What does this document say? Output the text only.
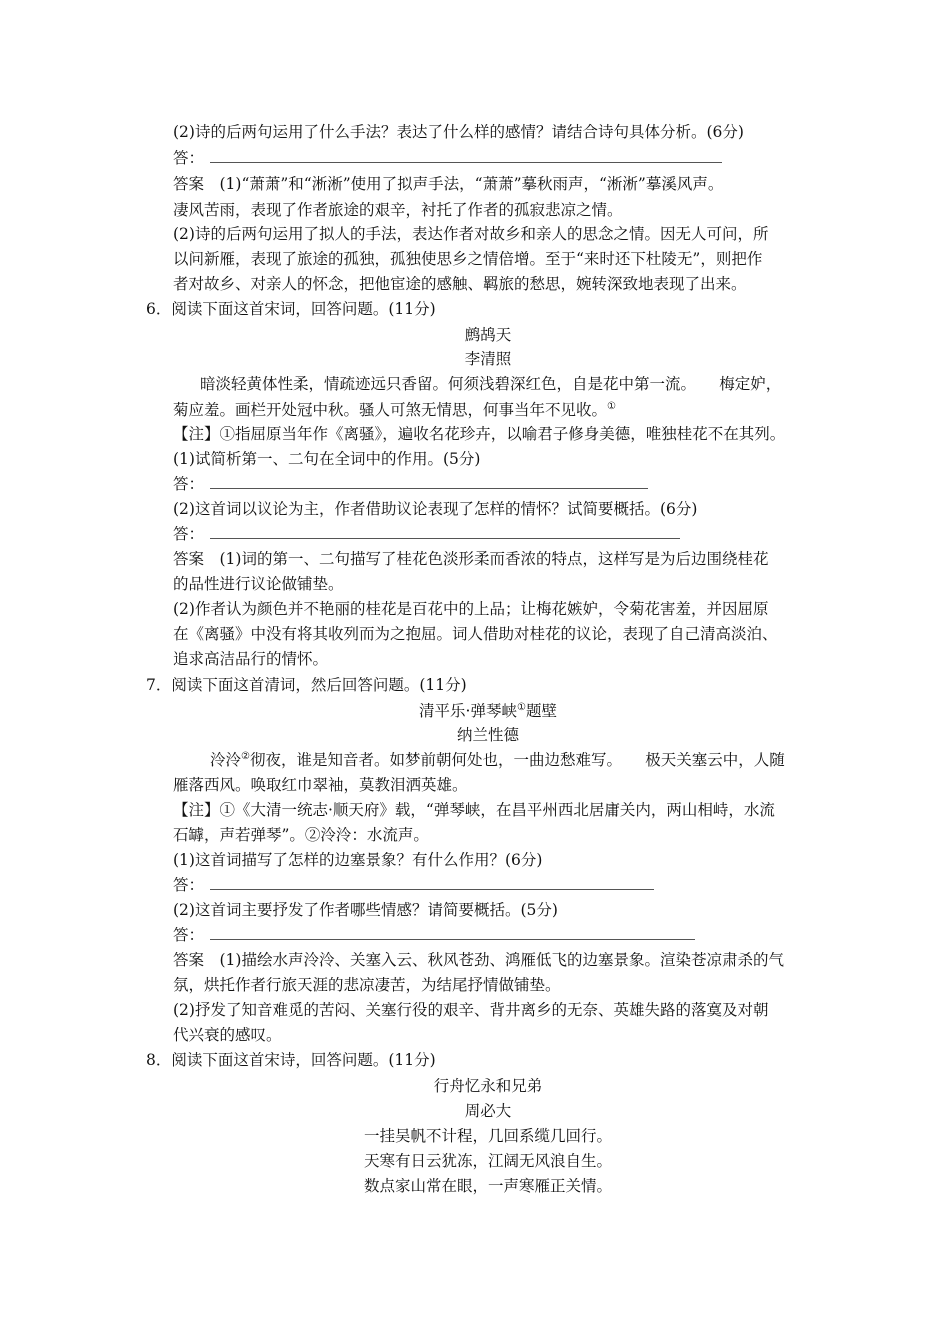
(2)诗的后两句运用了什么手法？表达了什么样的感情？请结合诗句具体分析。(6分)
答：
答案　(1)“萧萧”和“淅淅”使用了拟声手法，“萧萧”摹秋雨声，“淅淅”摹溪风声。
凄风苦雨，表现了作者旅途的艰辛，衬托了作者的孤寂悲凉之情。
(2)诗的后两句运用了拟人的手法，表达作者对故乡和亲人的思念之情。因无人可问，所
以问新雁，表现了旅途的孤独，孤独使思乡之情倍增。至于“来时还下杜陵无”，则把作
者对故乡、对亲人的怀念，把他宦途的感触、羁旅的愁思，婉转深致地表现了出来。
6．阅读下面这首宋词，回答问题。(11分)
鹧鸪天
李清照
暗淡轻黄体性柔，情疏迹远只香留。何须浅碧深红色，自是花中第一流。　　梅定妒，
菊应羞。画栏开处冠中秋。骚人可煞无情思，何事当年不见收。①
【注】①指屈原当年作《离骚》，遍收名花珍卉，以喻君子修身美德，唯独桂花不在其列。
(1)试简析第一、二句在全词中的作用。(5分)
答：
(2)这首词以议论为主，作者借助议论表现了怎样的情怀？试简要概括。(6分)
答：
答案　(1)词的第一、二句描写了桂花色淡形柔而香浓的特点，这样写是为后边围绕桂花
的品性进行议论做铺垫。
(2)作者认为颜色并不艳丽的桂花是百花中的上品；让梅花嫉妒，令菊花害羞，并因屈原
在《离骚》中没有将其收列而为之抱屈。词人借助对桂花的议论，表现了自己清高淡泊、
追求高洁品行的情怀。
7．阅读下面这首清词，然后回答问题。(11分)
清平乐·弹琴峡①题壁
纳兰性德
泠泠②彻夜，谁是知音者。如梦前朝何处也，一曲边愁难写。　　极天关塞云中，人随
雁落西风。唤取红巾翠袖，莫教泪洒英雄。
【注】①《大清一统志·顺天府》载，“弹琴峡，在昌平州西北居庸关内，两山相峙，水流
石罅，声若弹琴”。②泠泠：水流声。
(1)这首词描写了怎样的边塞景象？有什么作用？(6分)
答：
(2)这首词主要抒发了作者哪些情感？请简要概括。(5分)
答：
答案　(1)描绘水声泠泠、关塞入云、秋风苍劲、鸿雁低飞的边塞景象。渲染苍凉肃杀的气
氛，烘托作者行旅天涯的悲凉凄苦，为结尾抒情做铺垫。
(2)抒发了知音难觅的苦闷、关塞行役的艰辛、背井离乡的无奈、英雄失路的落寞及对朝
代兴衰的感叹。
8．阅读下面这首宋诗，回答问题。(11分)
行舟忆永和兄弟
周必大
一挂吴帆不计程，几回系缆几回行。
天寒有日云犹冻，江阔无风浪自生。
数点家山常在眼，一声寒雁正关情。
